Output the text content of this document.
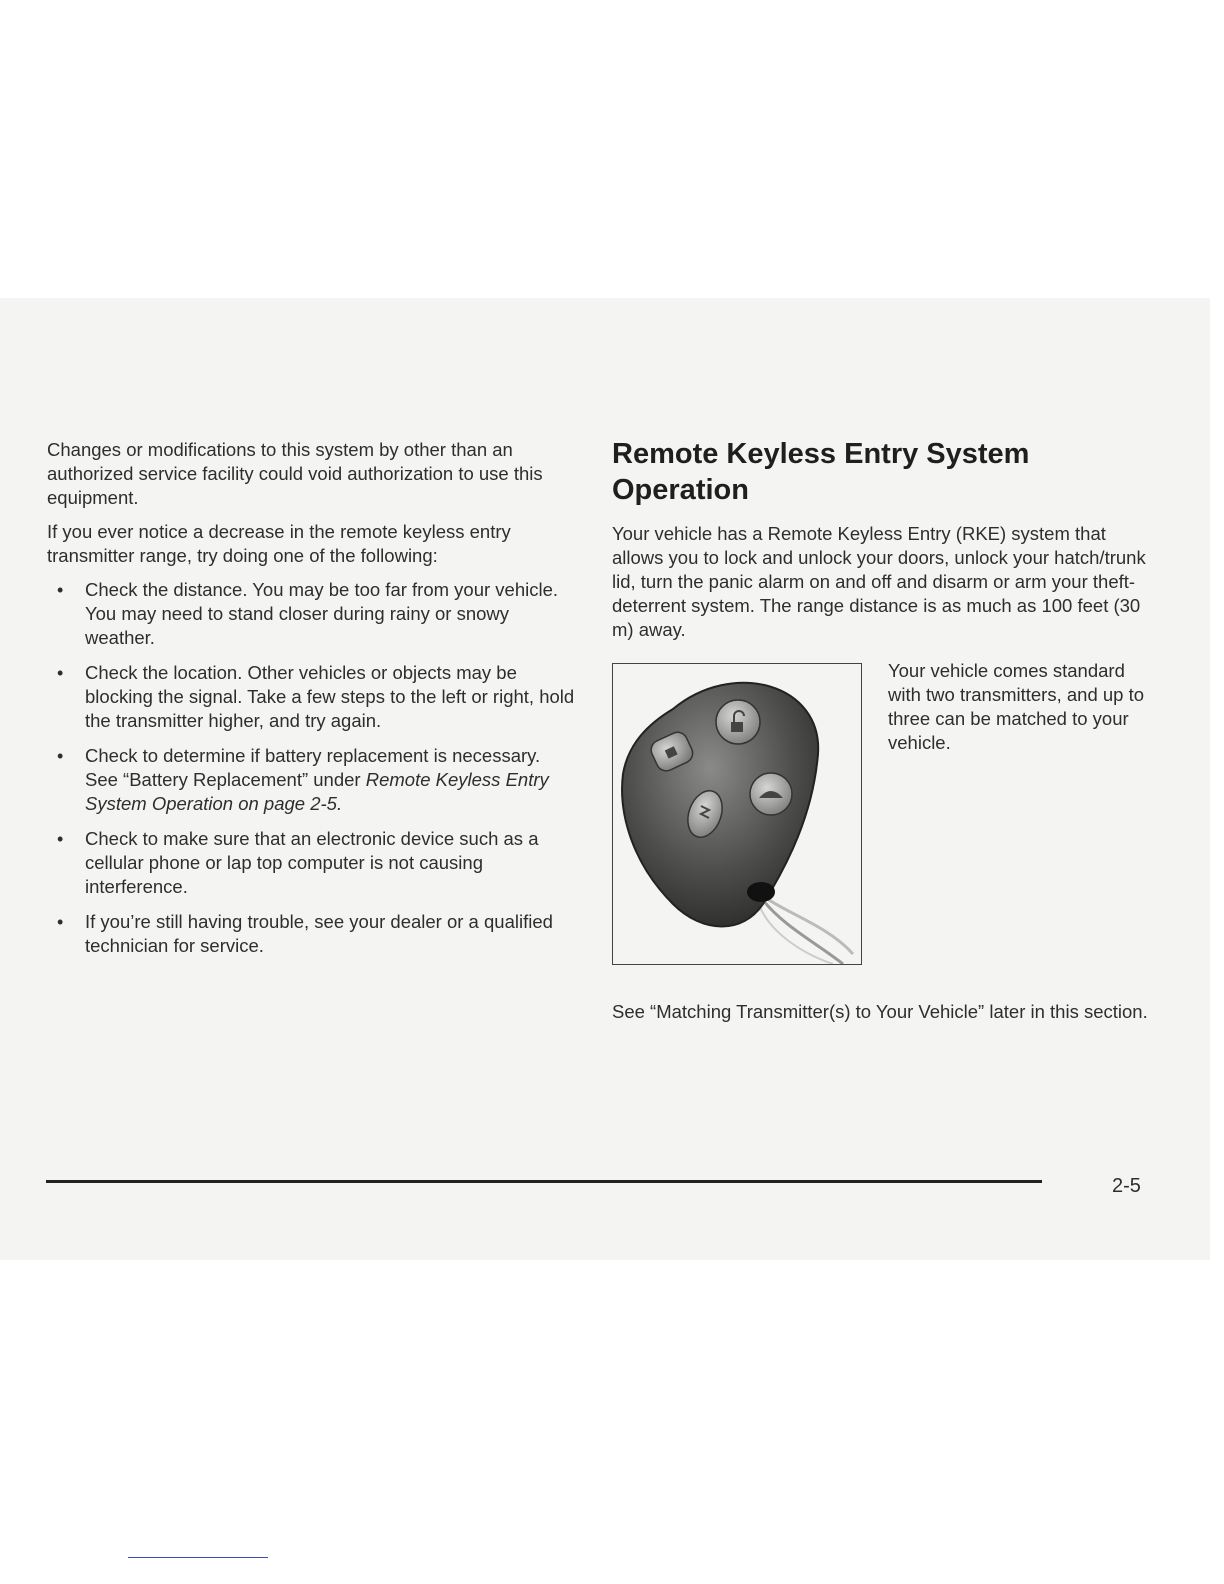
Changes or modifications to this system by other than an authorized service facility could void authorization to use this equipment.

If you ever notice a decrease in the remote keyless entry transmitter range, try doing one of the following:

• Check the distance. You may be too far from your vehicle. You may need to stand closer during rainy or snowy weather.
• Check the location. Other vehicles or objects may be blocking the signal. Take a few steps to the left or right, hold the transmitter higher, and try again.
• Check to determine if battery replacement is necessary. See “Battery Replacement” under Remote Keyless Entry System Operation on page 2-5.
• Check to make sure that an electronic device such as a cellular phone or lap top computer is not causing interference.
• If you’re still having trouble, see your dealer or a qualified technician for service.
Remote Keyless Entry System Operation

Your vehicle has a Remote Keyless Entry (RKE) system that allows you to lock and unlock your doors, unlock your hatch/trunk lid, turn the panic alarm on and off and disarm or arm your theft-deterrent system. The range distance is as much as 100 feet (30 m) away.

Your vehicle comes standard with two transmitters, and up to three can be matched to your vehicle.
See “Matching Transmitter(s) to Your Vehicle” later in this section.
2-5
